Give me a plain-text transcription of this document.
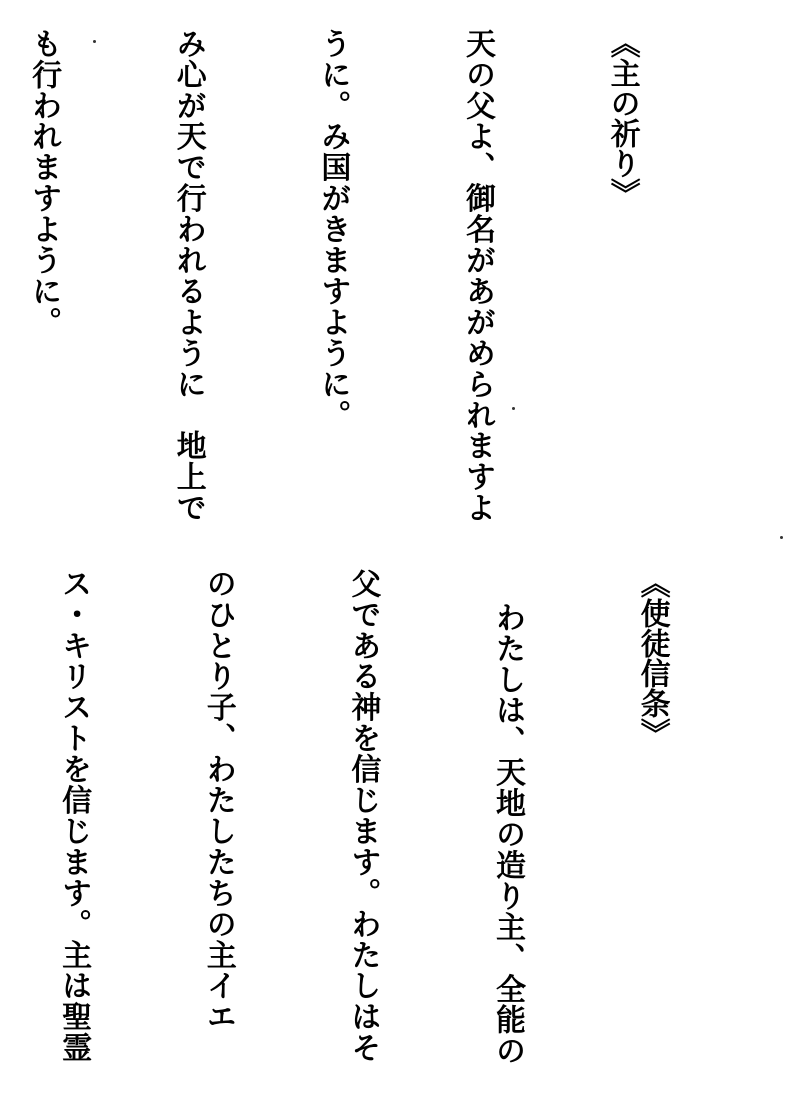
《主の祈り》

天の父よ、御名があがめられますよ

うに。み国がきますように。

み心が天で行われるように　地上で

も行われますように。

《使徒信条》

わたしは、天地の造り主、全能の

父である神を信じます。わたしはそ

のひとり子、わたしたちの主イエ

ス・キリストを信じます。主は聖霊
